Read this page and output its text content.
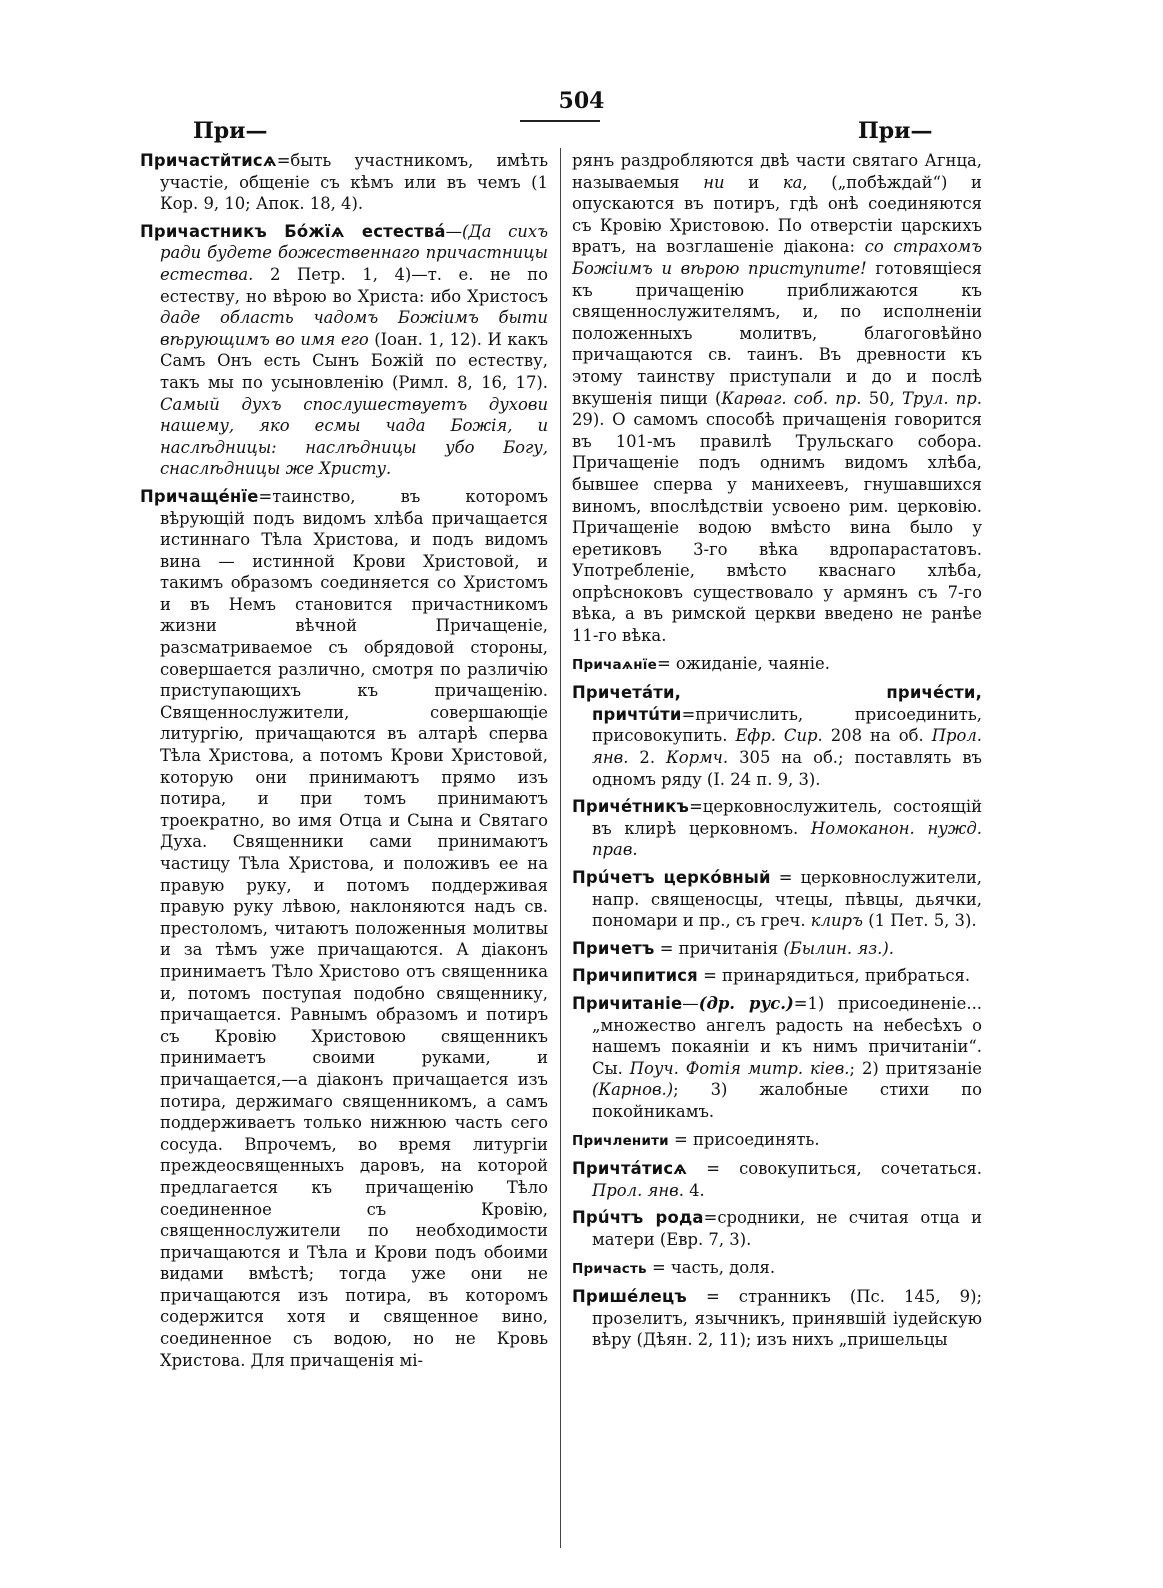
504
При—	При—

Причастйтисѧ=быть участникомъ, имѣть участіе, общеніе съ кѣмъ или въ чемъ (1 Кор. 9, 10; Апок. 18, 4).

Причастникъ Бо́жїѧ естествá—(Да сихъ ради будете божественнаго причастницы естества. 2 Петр. 1, 4)—т. е. не по естеству, но вѣрою во Христа: ибо Христосъ даде область чадомъ Божіимъ быти вѣрующимъ во имя его (Іоан. 1, 12). И какъ Самъ Онъ есть Сынъ Божій по естеству, такъ мы по усыновленію (Римл. 8, 16, 17). Самый духъ спослушествуетъ духови нашему, яко есмы чада Божія, и наслѣдницы: наслѣдницы убо Богу, снаслѣдницы же Христу.

Причащéнїе=таинство, въ которомъ вѣрующій подъ видомъ хлѣба причащается истиннаго Тѣла Христова, и подъ видомъ вина — истинной Крови Христовой, и такимъ образомъ соединяется со Христомъ и въ Немъ становится причастникомъ жизни вѣчной Причащеніе, разсматриваемое съ обрядовой стороны, совершается различно, смотря по различію приступающихъ къ причащенію. Священнослужители, совершающіе литургію, причащаются въ алтарѣ сперва Тѣла Христова, а потомъ Крови Христовой, которую они принимаютъ прямо изъ потира, и при томъ принимаютъ троекратно, во имя Отца и Сына и Святаго Духа. Священники сами принимаютъ частицу Тѣла Христова, и положивъ ее на правую руку, и потомъ поддерживая правую руку лѣвою, наклоняются надъ св. престоломъ, читаютъ положенныя молитвы и за тѣмъ уже причащаются. А діаконъ принимаетъ Тѣло Христово отъ священника и, потомъ поступая подобно священнику, причащается. Равнымъ образомъ и потиръ съ Кровію Христовою священникъ принимаетъ своими руками, и причащается,—а діаконъ причащается изъ потира, держимаго священникомъ, а самъ поддерживаетъ только нижнюю часть сего сосуда. Впрочемъ, во время литургіи преждеосвященныхъ даровъ, на которой предлагается къ причащенію Тѣло соединенное съ Кровію, священнослужители по необходимости причащаются и Тѣла и Крови подъ обоими видами вмѣстѣ; тогда уже они не причащаются изъ потира, въ которомъ содержится хотя и священное вино, соединенное съ водою, но не Кровь Христова. Для причащенія мі-

рянъ раздробляются двѣ части святаго Агнца, называемыя ни и ка, („побѣждай“) и опускаются въ потиръ, гдѣ онѣ соединяются съ Кровію Христовою. По отверстіи царскихъ вратъ, на возглашеніе діакона: со страхомъ Божіимъ и вѣрою приступите! готовящіеся къ причащенію приближаются къ священнослужителямъ, и, по исполненіи положенныхъ молитвъ, благоговѣйно причащаются св. таинъ. Въ древности къ этому таинству приступали и до и послѣ вкушенія пищи (Карѳаг. соб. пр. 50, Трул. пр. 29). О самомъ способѣ причащенія говорится въ 101-мъ правилѣ Трульскаго собора. Причащеніе подъ однимъ видомъ хлѣба, бывшее сперва у манихеевъ, гнушавшихся виномъ, впослѣдствіи усвоено рим. церковію. Причащеніе водою вмѣсто вина было у еретиковъ 3-го вѣка вдропарастатовъ. Употребленіе, вмѣсто кваснаго хлѣба, опрѣсноковъ существовало у армянъ съ 7-го вѣка, а въ римской церкви введено не ранѣе 11-го вѣка.

Причаѧнїе= ожиданіе, чаяніе.

Причетáти, причéсти, причтúти=причислить, присоединить, присовокупить. Ефр. Сир. 208 на об. Прол. янв. 2. Кормч. 305 на об.; поставлять въ одномъ ряду (I. 24 п. 9, 3).

Причéтникъ=церковнослужитель, состоящій въ клирѣ церковномъ. Номоканон. нужд. прав.

Прúчетъ церкóвный = церковнослужители, напр. священосцы, чтецы, пѣвцы, дьячки, пономари и пр., съ греч. клиръ (1 Пет. 5, 3).

Причетъ = причитанія (Былин. яз.).

Причипитися = принарядиться, прибраться.

Причитаніе—(др. рус.)=1) присоединеніе... „множество ангелъ радость на небесѣхъ о нашемъ покаяніи и къ нимъ причитаніи“. Сы. Поуч. Фотія митр. кіев.; 2) притязаніе (Карнов.); 3) жалобные стихи по покойникамъ.

Причленити = присоединять.

Причтáтисѧ = совокупиться, сочетаться. Прол. янв. 4.

Прúчтъ рода=сродники, не считая отца и матери (Евр. 7, 3).

Причасть = часть, доля.

Пришéлецъ = странникъ (Пс. 145, 9); прозелитъ, язычникъ, принявшій іудейскую вѣру (Дѣян. 2, 11); изъ нихъ „пришельцы
